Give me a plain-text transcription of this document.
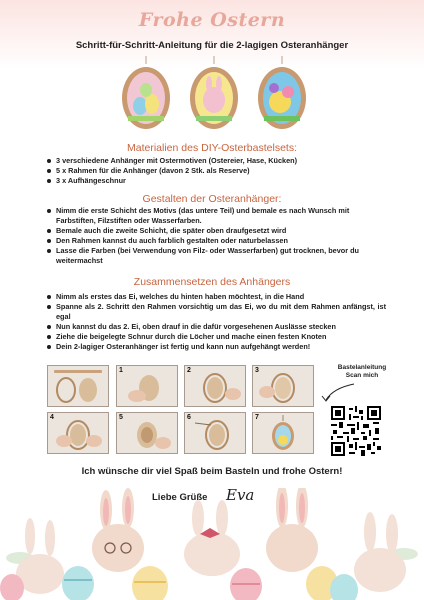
Frohe Ostern
Schritt-für-Schritt-Anleitung für die 2-lagigen Osteranhänger
Materialien des DIY-Osterbastelsets:
3 verschiedene Anhänger mit Ostermotiven (Ostereier, Hase, Kücken)
5 x Rahmen für die Anhänger (davon 2 Stk. als Reserve)
3 x Aufhängeschnur
Gestalten der Osteranhänger:
Nimm die erste Schicht des Motivs (das untere Teil) und bemale es nach Wunsch mit Farbstiften, Filzstiften oder Wasserfarben.
Bemale auch die zweite Schicht, die später oben draufgesetzt wird
Den Rahmen kannst du auch farblich gestalten oder naturbelassen
Lasse die Farben (bei Verwendung von Filz- oder Wasserfarben) gut trocknen, bevor du weitermachst
Zusammensetzen des Anhängers
Nimm als erstes das Ei, welches du hinten haben möchtest, in die Hand
Spanne als 2. Schritt den Rahmen vorsichtig um das Ei, wo du mit dem Rahmen anfängst, ist egal
Nun kannst du das 2. Ei, oben drauf in die dafür vorgesehenen Auslässe stecken
Ziehe die beigelegte Schnur durch die Löcher und mache einen festen Knoten
Dein 2-lagiger Osteranhänger ist fertig und kann nun aufgehängt werden!
1	2	3
4	5	6	7
Bastelanleitung
Scan mich
Ich wünsche dir viel Spaß beim Basteln und frohe Ostern!
Liebe Grüße Eva
